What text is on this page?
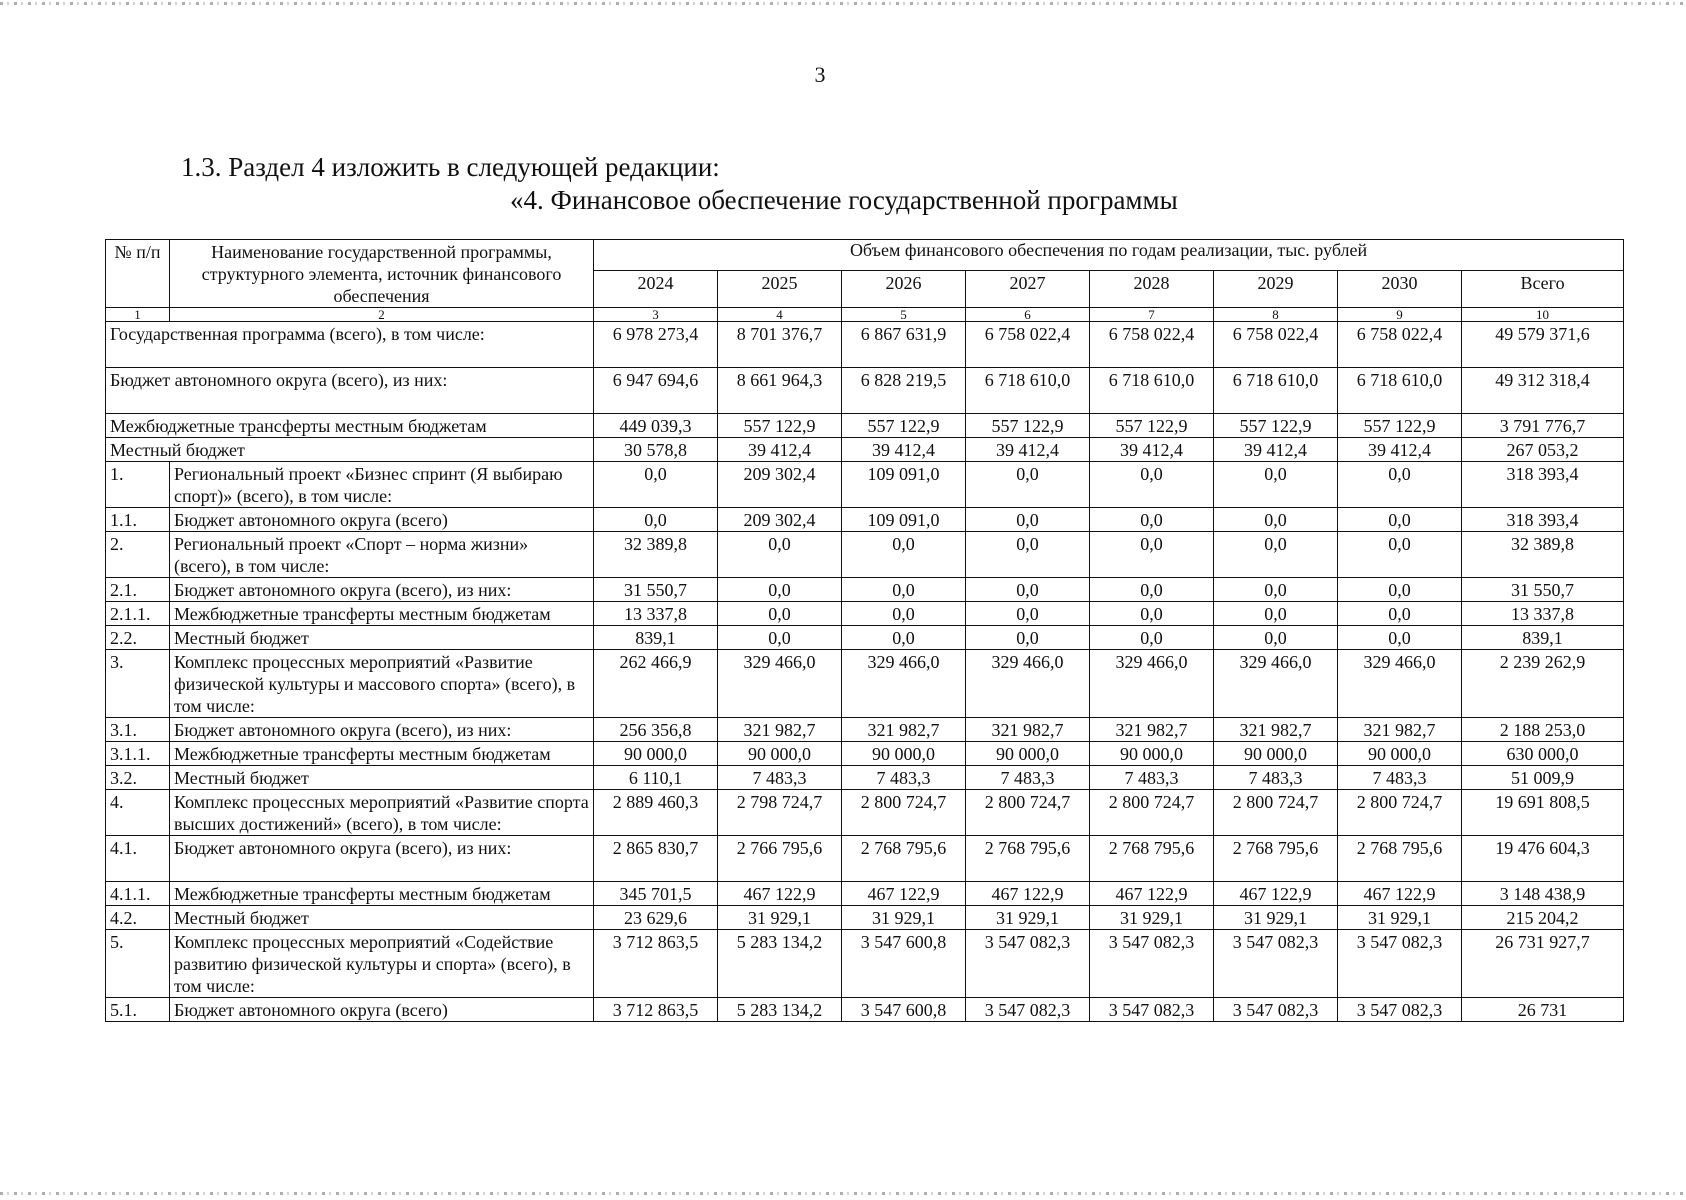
3
1.3. Раздел 4 изложить в следующей редакции:
«4. Финансовое обеспечение государственной программы
№ п/п	Наименование государственной программы, структурного элемента, источник финансового обеспечения	Объем финансового обеспечения по годам реализации, тыс. рублей							
		2024	2025	2026	2027	2028	2029	2030	Всего
1	2	3	4	5	6	7	8	9	10
Государственная программа (всего), в том числе:		6 978 273,4	8 701 376,7	6 867 631,9	6 758 022,4	6 758 022,4	6 758 022,4	6 758 022,4	49 579 371,6
Бюджет автономного округа (всего), из них:		6 947 694,6	8 661 964,3	6 828 219,5	6 718 610,0	6 718 610,0	6 718 610,0	6 718 610,0	49 312 318,4
Межбюджетные трансферты местным бюджетам		449 039,3	557 122,9	557 122,9	557 122,9	557 122,9	557 122,9	557 122,9	3 791 776,7
Местный бюджет		30 578,8	39 412,4	39 412,4	39 412,4	39 412,4	39 412,4	39 412,4	267 053,2
1.	Региональный проект «Бизнес спринт (Я выбираю спорт)» (всего), в том числе:	0,0	209 302,4	109 091,0	0,0	0,0	0,0	0,0	318 393,4
1.1.	Бюджет автономного округа (всего)	0,0	209 302,4	109 091,0	0,0	0,0	0,0	0,0	318 393,4
2.	Региональный проект «Спорт – норма жизни» (всего), в том числе:	32 389,8	0,0	0,0	0,0	0,0	0,0	0,0	32 389,8
2.1.	Бюджет автономного округа (всего), из них:	31 550,7	0,0	0,0	0,0	0,0	0,0	0,0	31 550,7
2.1.1.	Межбюджетные трансферты местным бюджетам	13 337,8	0,0	0,0	0,0	0,0	0,0	0,0	13 337,8
2.2.	Местный бюджет	839,1	0,0	0,0	0,0	0,0	0,0	0,0	839,1
3.	Комплекс процессных мероприятий «Развитие физической культуры и массового спорта» (всего), в том числе:	262 466,9	329 466,0	329 466,0	329 466,0	329 466,0	329 466,0	329 466,0	2 239 262,9
3.1.	Бюджет автономного округа (всего), из них:	256 356,8	321 982,7	321 982,7	321 982,7	321 982,7	321 982,7	321 982,7	2 188 253,0
3.1.1.	Межбюджетные трансферты местным бюджетам	90 000,0	90 000,0	90 000,0	90 000,0	90 000,0	90 000,0	90 000,0	630 000,0
3.2.	Местный бюджет	6 110,1	7 483,3	7 483,3	7 483,3	7 483,3	7 483,3	7 483,3	51 009,9
4.	Комплекс процессных мероприятий «Развитие спорта высших достижений» (всего), в том числе:	2 889 460,3	2 798 724,7	2 800 724,7	2 800 724,7	2 800 724,7	2 800 724,7	2 800 724,7	19 691 808,5
4.1.	Бюджет автономного округа (всего), из них:	2 865 830,7	2 766 795,6	2 768 795,6	2 768 795,6	2 768 795,6	2 768 795,6	2 768 795,6	19 476 604,3
4.1.1.	Межбюджетные трансферты местным бюджетам	345 701,5	467 122,9	467 122,9	467 122,9	467 122,9	467 122,9	467 122,9	3 148 438,9
4.2.	Местный бюджет	23 629,6	31 929,1	31 929,1	31 929,1	31 929,1	31 929,1	31 929,1	215 204,2
5.	Комплекс процессных мероприятий «Содействие развитию физической культуры и спорта» (всего), в том числе:	3 712 863,5	5 283 134,2	3 547 600,8	3 547 082,3	3 547 082,3	3 547 082,3	3 547 082,3	26 731 927,7
5.1.	Бюджет автономного округа (всего)	3 712 863,5	5 283 134,2	3 547 600,8	3 547 082,3	3 547 082,3	3 547 082,3	3 547 082,3	26 731
